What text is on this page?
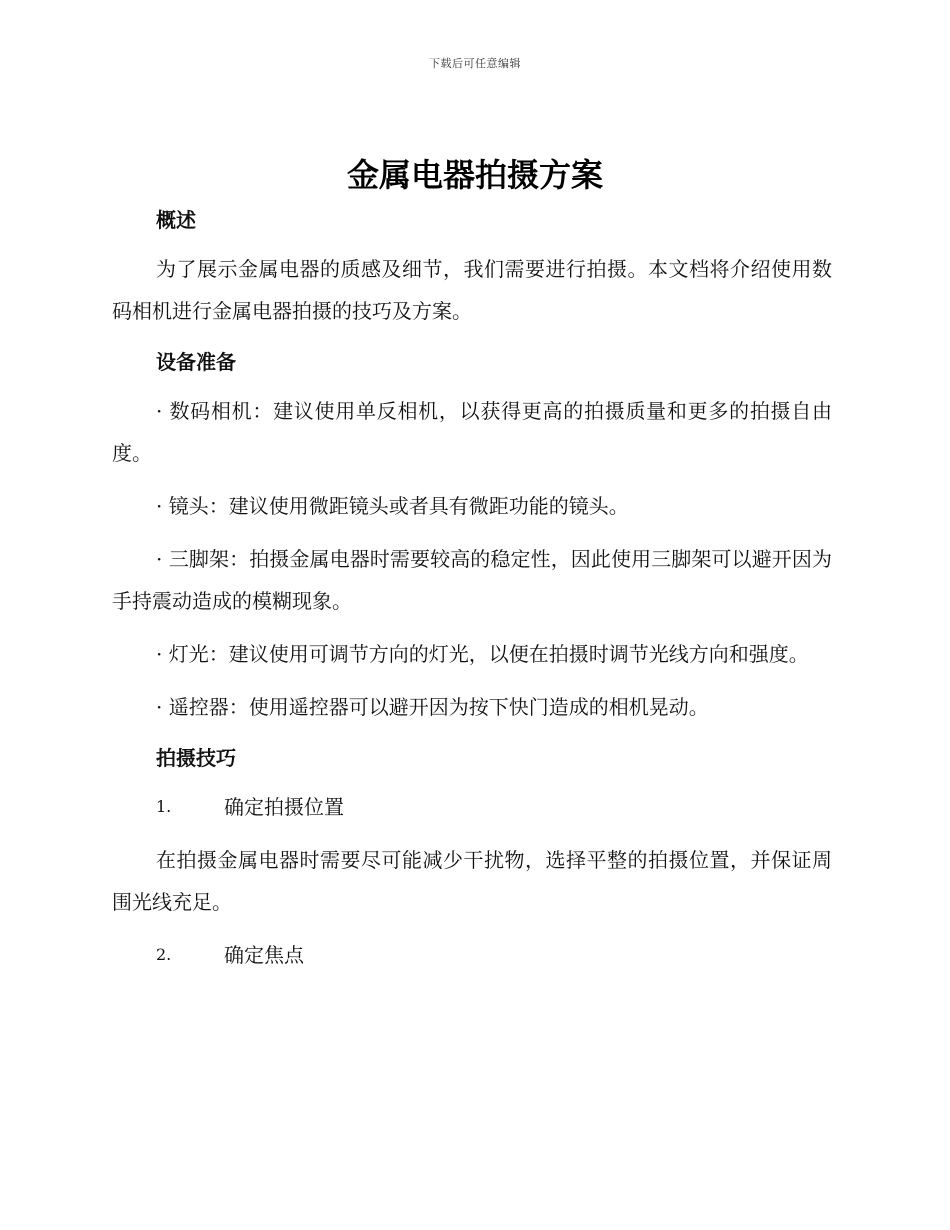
下载后可任意编辑
金属电器拍摄方案
概述

为了展示金属电器的质感及细节，我们需要进行拍摄。本文档将介绍使用数码相机进行金属电器拍摄的技巧及方案。

设备准备

· 数码相机：建议使用单反相机，以获得更高的拍摄质量和更多的拍摄自由度。

· 镜头：建议使用微距镜头或者具有微距功能的镜头。

· 三脚架：拍摄金属电器时需要较高的稳定性，因此使用三脚架可以避开因为手持震动造成的模糊现象。

· 灯光：建议使用可调节方向的灯光，以便在拍摄时调节光线方向和强度。

· 遥控器：使用遥控器可以避开因为按下快门造成的相机晃动。

拍摄技巧
1.	确定拍摄位置

在拍摄金属电器时需要尽可能减少干扰物，选择平整的拍摄位置，并保证周围光线充足。

2.	确定焦点
